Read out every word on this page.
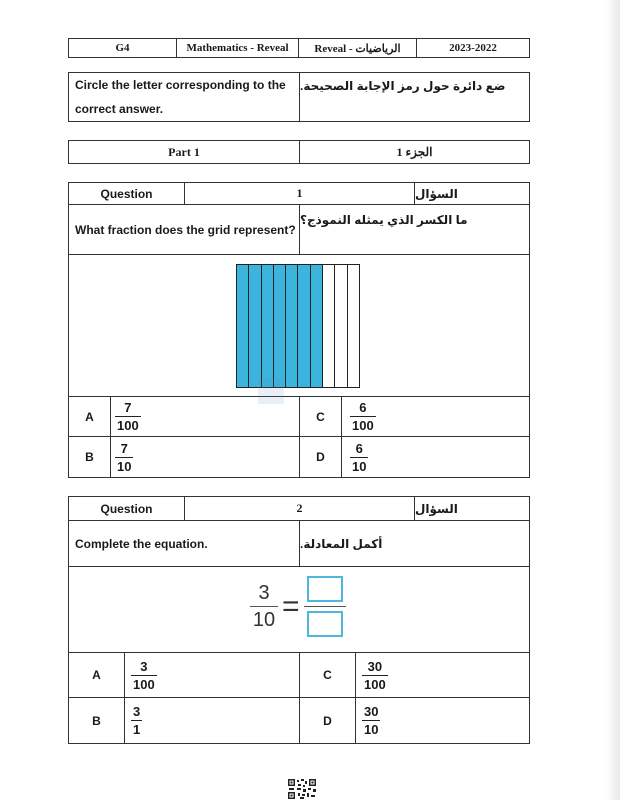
G4	Mathematics - Reveal	Reveal - الرياضيات	2023-2022
Circle the letter corresponding to the correct answer.
ضع دائرة حول رمز الإجابة الصحيحة.
Part 1	الجزء 1
Question	1	السؤال
What fraction does the grid represent?
ما الكسر الذي يمثله النموذج؟
A	$\frac{7}{100}$	C	$\frac{6}{100}$
B	$\frac{7}{10}$	D	$\frac{6}{10}$
Question	2	السؤال
Complete the equation.	أكمل المعادلة.
A	$\frac{3}{100}$	C	$\frac{30}{100}$
B	$\frac{3}{1}$	D	$\frac{30}{10}$
$\frac{3}{10}$ =
